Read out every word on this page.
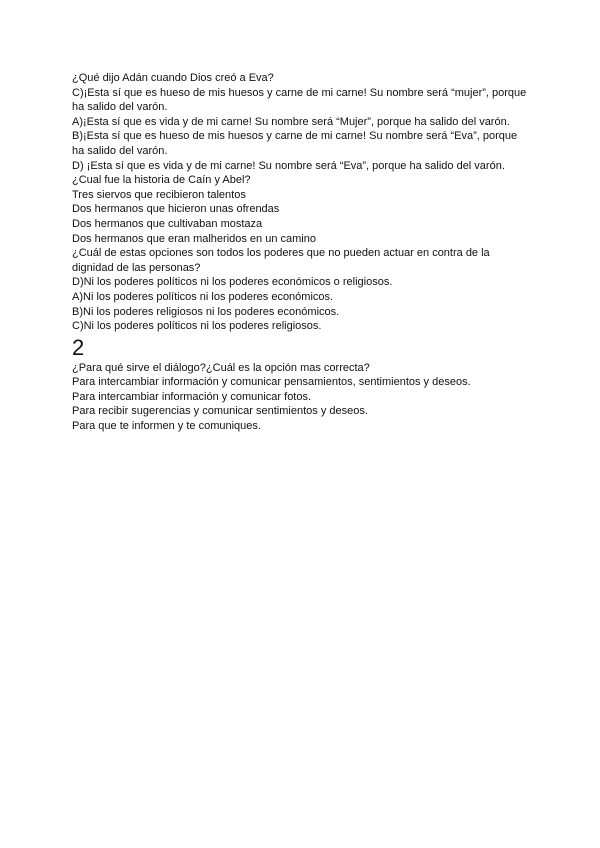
¿Qué dijo Adán cuando Dios creó a Eva?

C)¡Esta sí que es hueso de mis huesos y carne de mi carne! Su nombre será “mujer”, porque ha salido del varón.

A)¡Esta sí que es vida y de mi carne! Su nombre será “Mujer”, porque ha salido del varón.

B)¡Esta sí que es hueso de mis huesos y carne de mi carne! Su nombre será “Eva”, porque ha salido del varón.

D) ¡Esta sí que es vida y de mi carne! Su nombre será “Eva”, porque ha salido del varón.

¿Cual fue la historia de Caín y Abel?

Tres siervos que recibieron talentos

Dos hermanos que hicieron unas ofrendas

Dos hermanos que cultivaban mostaza

Dos hermanos que eran malheridos en un camino

¿Cuál de estas opciones son todos los poderes que no pueden actuar en contra de la dignidad de las personas?

D)Ni los poderes políticos ni los poderes económicos o religiosos.

A)Ni los poderes políticos ni los poderes económicos.

B)Ni los poderes religiosos ni los poderes económicos.

C)Ni los poderes políticos ni los poderes religiosos.

2

¿Para qué sirve el diálogo?¿Cuál es la opción mas correcta?

Para intercambiar información y comunicar pensamientos, sentimientos y deseos.

Para intercambiar información y comunicar fotos.

Para recibir sugerencias y comunicar sentimientos y deseos.

Para que te informen y te comuniques.
